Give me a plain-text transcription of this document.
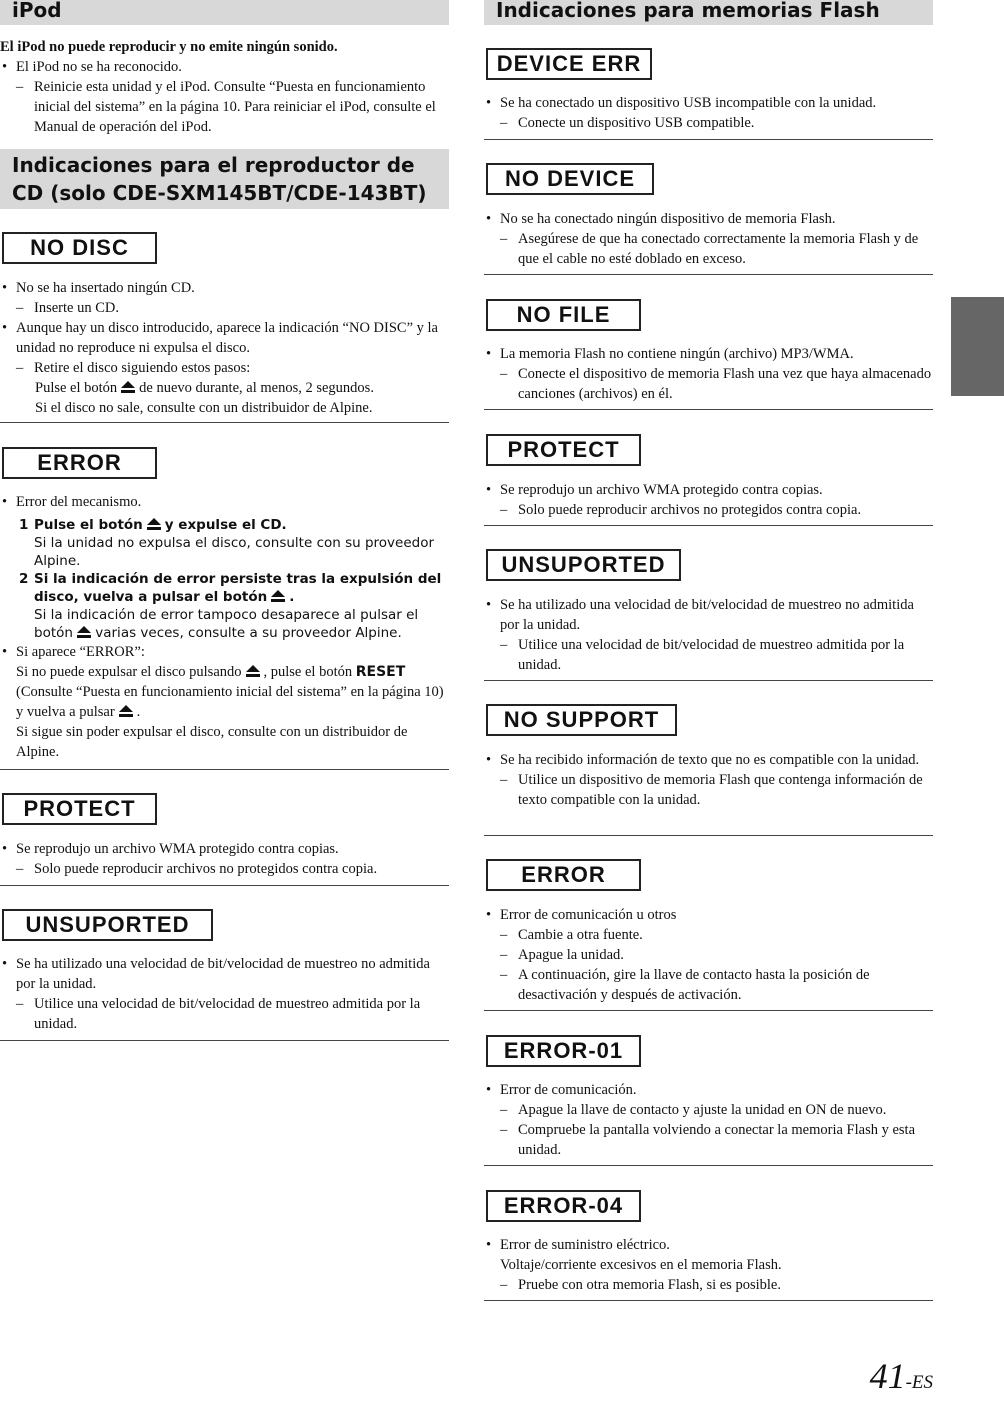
iPod
El iPod no puede reproducir y no emite ningún sonido.
• El iPod no se ha reconocido.
– Reinicie esta unidad y el iPod. Consulte “Puesta en funcionamiento inicial del sistema” en la página 10. Para reiniciar el iPod, consulte el Manual de operación del iPod.
Indicaciones para el reproductor de CD (solo CDE-SXM145BT/CDE-143BT)
NO DISC
• No se ha insertado ningún CD.
– Inserte un CD.
• Aunque hay un disco introducido, aparece la indicación “NO DISC” y la unidad no reproduce ni expulsa el disco.
– Retire el disco siguiendo estos pasos:
Pulse el botón de nuevo durante, al menos, 2 segundos.
Si el disco no sale, consulte con un distribuidor de Alpine.
ERROR
• Error del mecanismo.
1 Pulse el botón y expulse el CD.
Si la unidad no expulsa el disco, consulte con su proveedor Alpine.
2 Si la indicación de error persiste tras la expulsión del disco, vuelva a pulsar el botón .
Si la indicación de error tampoco desaparece al pulsar el botón varias veces, consulte a su proveedor Alpine.
• Si aparece “ERROR”:
Si no puede expulsar el disco pulsando , pulse el botón RESET
(Consulte “Puesta en funcionamiento inicial del sistema” en la página 10) y vuelva a pulsar .
Si sigue sin poder expulsar el disco, consulte con un distribuidor de Alpine.
PROTECT
• Se reprodujo un archivo WMA protegido contra copias.
– Solo puede reproducir archivos no protegidos contra copia.
UNSUPORTED
• Se ha utilizado una velocidad de bit/velocidad de muestreo no admitida por la unidad.
– Utilice una velocidad de bit/velocidad de muestreo admitida por la unidad.
Indicaciones para memorias Flash
DEVICE ERR
• Se ha conectado un dispositivo USB incompatible con la unidad.
– Conecte un dispositivo USB compatible.
NO DEVICE
• No se ha conectado ningún dispositivo de memoria Flash.
– Asegúrese de que ha conectado correctamente la memoria Flash y de que el cable no esté doblado en exceso.
NO FILE
• La memoria Flash no contiene ningún (archivo) MP3/WMA.
– Conecte el dispositivo de memoria Flash una vez que haya almacenado canciones (archivos) en él.
PROTECT
• Se reprodujo un archivo WMA protegido contra copias.
– Solo puede reproducir archivos no protegidos contra copia.
UNSUPORTED
• Se ha utilizado una velocidad de bit/velocidad de muestreo no admitida por la unidad.
– Utilice una velocidad de bit/velocidad de muestreo admitida por la unidad.
NO SUPPORT
• Se ha recibido información de texto que no es compatible con la unidad.
– Utilice un dispositivo de memoria Flash que contenga información de texto compatible con la unidad.
ERROR
• Error de comunicación u otros
– Cambie a otra fuente.
– Apague la unidad.
– A continuación, gire la llave de contacto hasta la posición de desactivación y después de activación.
ERROR-01
• Error de comunicación.
– Apague la llave de contacto y ajuste la unidad en ON de nuevo.
– Compruebe la pantalla volviendo a conectar la memoria Flash y esta unidad.
ERROR-04
• Error de suministro eléctrico.
Voltaje/corriente excesivos en el memoria Flash.
– Pruebe con otra memoria Flash, si es posible.
41-ES
